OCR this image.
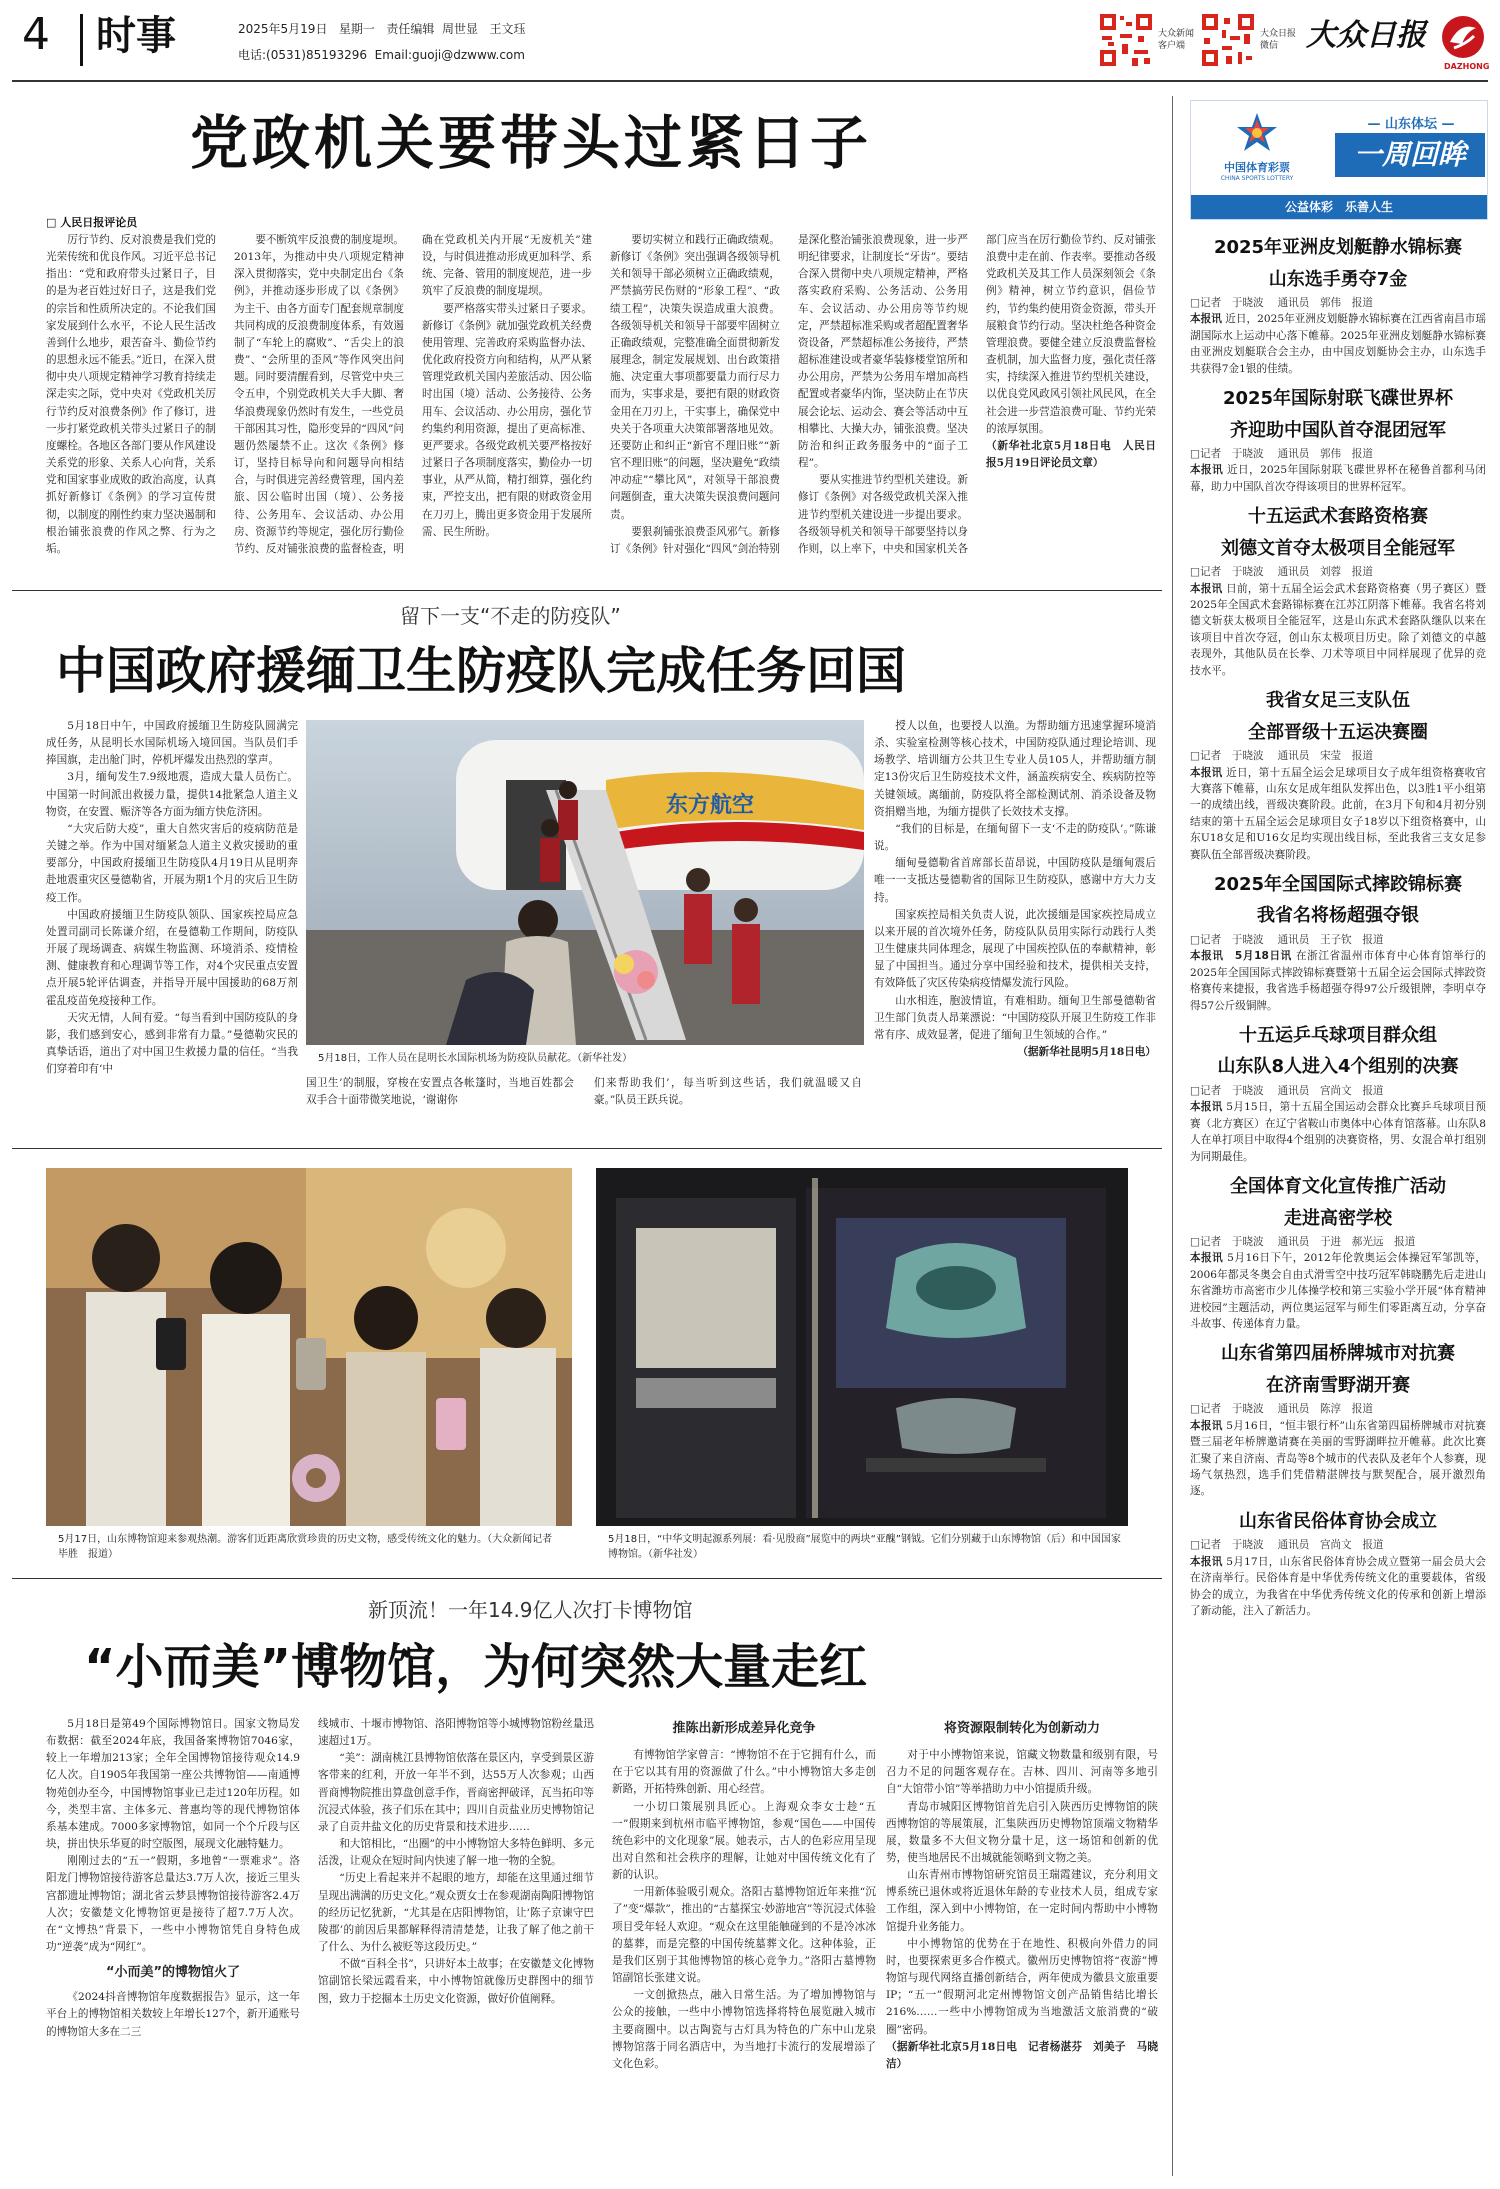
4 时事	2025年5月19日 星期一 责任编辑 周世显 王文珏
电话:(0531)85193296 Email:guoji@dzwww.com
大众新闻
客户端
大众日报
微信 大众日报
DAZHONG
党政机关要带头过紧日子
□ 人民日报评论员

厉行节约、反对浪费是我们党的光荣传统和优良作风。习近平总书记指出：“党和政府带头过紧日子，目的是为老百姓过好日子，这是我们党的宗旨和性质所决定的。不论我们国家发展到什么水平，不论人民生活改善到什么地步，艰苦奋斗、勤俭节约的思想永远不能丢。”近日，在深入贯彻中央八项规定精神学习教育持续走深走实之际，党中央对《党政机关厉行节约反对浪费条例》作了修订，进一步打紧党政机关带头过紧日子的制度螺栓。各地区各部门要从作风建设关系党的形象、关系人心向背，关系党和国家事业成败的政治高度，认真抓好新修订《条例》的学习宣传贯彻，以制度的刚性约束力坚决遏制和根治铺张浪费的作风之弊、行为之垢。

要不断筑牢反浪费的制度堤坝。2013年，为推动中央八项规定精神深入贯彻落实，党中央制定出台《条例》，并推动逐步形成了以《条例》为主干、由各方面专门配套规章制度共同构成的反浪费制度体系，有效遏制了“车轮上的腐败”、“舌尖上的浪费”、“会所里的歪风”等作风突出问题。同时要清醒看到，尽管党中央三令五申，个别党政机关大手大脚、奢华浪费现象仍然时有发生，一些党员干部困其习性，隐形变异的“四风”问题仍然屡禁不止。这次《条例》修订，坚持目标导向和问题导向相结合，与时俱进完善经费管理，国内差旅、因公临时出国（境）、公务接待、公务用车、会议活动、办公用房、资源节约等规定，强化厉行勤俭节约、反对铺张浪费的监督检查，明确在党政机关内开展“无废机关”建设，与时俱进推动形成更加科学、系统、完备、管用的制度规范，进一步筑牢了反浪费的制度堤坝。

要严格落实带头过紧日子要求。新修订《条例》就加强党政机关经费使用管理、完善政府采购监督办法、优化政府投资方向和结构，从严从紧管理党政机关国内差旅活动、因公临时出国（境）活动、公务接待、公务用车、会议活动、办公用房，强化节约集约利用资源，提出了更高标准、更严要求。各级党政机关要严格按好过紧日子各项制度落实，勤俭办一切事业，从严从简，精打细算，强化约束，严控支出，把有限的财政资金用在刀刃上，腾出更多资金用于发展所需、民生所盼。

要切实树立和践行正确政绩观。新修订《条例》突出强调各级领导机关和领导干部必须树立正确政绩观，严禁搞劳民伤财的“形象工程”、“政绩工程”，决策失误造成重大浪费。各级领导机关和领导干部要牢固树立正确政绩观，完整准确全面贯彻新发展理念，制定发展规划、出台政策措施、决定重大事项都要量力而行尽力而为，实事求是，要把有限的财政资金用在刀刃上，干实事上，确保党中央关于各项重大决策部署落地见效。还要防止和纠正“新官不理旧账”“新官不理旧账”的问题，坚决避免“政绩冲动症”“攀比风”，对领导干部浪费问题倒查，重大决策失误浪费问题问责。

要狠刹铺张浪费歪风邪气。新修订《条例》针对强化“四风”剑治特别是深化整治铺张浪费现象，进一步严明纪律要求，让制度长“牙齿”。要结合深入贯彻中央八项规定精神，严格落实政府采购、公务活动、公务用车、会议活动、办公用房等节约规定，严禁超标准采购或者超配置奢华资设备，严禁超标准公务接待，严禁超标准建设或者豪华装修楼堂馆所和办公用房，严禁为公务用车增加高档配置或者豪华内饰，坚决防止在节庆展会论坛、运动会、赛会等活动中互相攀比、大操大办，铺张浪费。坚决防治和纠正政务服务中的“面子工程”。

要从实推进节约型机关建设。新修订《条例》对各级党政机关深入推进节约型机关建设进一步提出要求。各级领导机关和领导干部要坚持以身作则，以上率下，中央和国家机关各部门应当在厉行勤俭节约、反对铺张浪费中走在前、作表率。要推动各级党政机关及其工作人员深刻领会《条例》精神，树立节约意识，倡俭节约，节约集约使用资金资源，带头开展粮食节约行动。坚决杜绝各种资金管理浪费。要健全建立反浪费监督检查机制，加大监督力度，强化责任落实，持续深入推进节约型机关建设，以优良党风政风引领社风民风，在全社会进一步营造浪费可耻、节约光荣的浓厚氛围。

（新华社北京5月18日电　人民日报5月19日评论员文章）

留下一支“不走的防疫队”
中国政府援缅卫生防疫队完成任务回国

5月18日中午，中国政府援缅卫生防疫队圆满完成任务，从昆明长水国际机场入境回国。当队员们手捧国旗，走出舱门时，停机坪爆发出热烈的掌声。

3月，缅甸发生7.9级地震，造成大量人员伤亡。中国第一时间派出救援力量，提供14批紧急人道主义物资，在安置、赈济等各方面为缅方快危济困。

“大灾后防大疫”，重大自然灾害后的疫病防范是关键之举。作为中国对缅紧急人道主义救灾援助的重要部分，中国政府援缅卫生防疫队4月19日从昆明奔赴地震重灾区曼德勒省，开展为期1个月的灾后卫生防疫工作。

中国政府援缅卫生防疫队领队、国家疾控局应急处置司副司长陈谦介绍，在曼德勒工作期间，防疫队开展了现场调查、病媒生物监测、环境消杀、疫情检测、健康教育和心理调节等工作，对4个灾民重点安置点开展5轮评估调查，并指导开展中国援助的68万剂霍乱疫苗免疫接种工作。

天灾无情，人间有爱。“每当看到中国防疫队的身影，我们感到安心，感到非常有力量。”曼德勒灾民的真挚话语，道出了对中国卫生救援力量的信任。“当我们穿着印有‘中

东方航空
5月18日，工作人员在昆明长水国际机场为防疫队员献花。（新华社发）

国卫生’的制服，穿梭在安置点各帐篷时，当地百姓都会双手合十面带微笑地说，‘谢谢你

们来帮助我们’，每当听到这些话，我们就温暖又自豪。”队员王跃兵说。

授人以鱼，也要授人以渔。为帮助缅方迅速掌握环境消杀、实验室检测等核心技术，中国防疫队通过理论培训、现场教学、培训缅方公共卫生专业人员105人，并帮助缅方制定13份灾后卫生防疫技术文件，涵盖疾病安全、疾病防控等关键领域。离缅前，防疫队将全部检测试剂、消杀设备及物资捐赠当地，为缅方提供了长效技术支撑。

“我们的目标是，在缅甸留下一支‘不走的防疫队’。”陈谦说。

缅甸曼德勒省首席部长苗昂说，中国防疫队是缅甸震后唯一一支抵达曼德勒省的国际卫生防疫队，感谢中方大力支持。

国家疾控局相关负责人说，此次援缅是国家疾控局成立以来开展的首次境外任务，防疫队队员用实际行动践行人类卫生健康共同体理念，展现了中国疾控队伍的奉献精神，彰显了中国担当。通过分享中国经验和技术，提供相关支持，有效降低了灾区传染病疫情爆发流行风险。

山水相连，胞波情谊，有难相助。缅甸卫生部曼德勒省卫生部门负责人昂莱漂说：“中国防疫队开展卫生防疫工作非常有序、成效显著，促进了缅甸卫生领域的合作。”

（据新华社昆明5月18日电）

5月17日，山东博物馆迎来参观热潮。游客们近距离欣赏珍贵的历史文物，感受传统文化的魅力。（大众新闻记者　毕胜　报道）
5月18日，“中华文明起源系列展：看·见殷商”展览中的两块“亚醜”钢钺。它们分别藏于山东博物馆（后）和中国国家博物馆。（新华社发）
新顶流！一年14.9亿人次打卡博物馆
“小而美”博物馆，为何突然大量走红

5月18日是第49个国际博物馆日。国家文物局发布数据：截至2024年底，我国备案博物馆7046家，较上一年增加213家；全年全国博物馆接待观众14.9亿人次。自1905年我国第一座公共博物馆——南通博物苑创办至今，中国博物馆事业已走过120年历程。如今，类型丰富、主体多元、普惠均等的现代博物馆体系基本建成。7000多家博物馆，如同一个个斤段与区块，拼出快乐华夏的时空版图，展现文化融特魅力。

刚刚过去的“五一”假期，多地曾“一票难求”。洛阳龙门博物馆接待游客总量达3.7万人次，接近三里头宫都遗址博物馆；湖北省云梦县博物馆接待游客2.4万人次；安徽楚文化博物馆更是接待了超7.7万人次。在“文博热”背景下，一些中小博物馆凭自身特色成功“逆袭”成为“网红”。

“小而美”的博物馆火了

《2024抖音博物馆年度数据报告》显示，这一年平台上的博物馆相关数较上年增长127个，新开通账号的博物馆大多在二三

线城市、十堰市博物馆、洛阳博物馆等小城博物馆粉丝量迅速超过1万。

“美”：湖南桃江县博物馆依落在景区内，享受到景区游客带来的红利，开放一年半不到，达55万人次参观；山西晋商博物院推出算盘创意手作，晋商密押破译，瓦当拓印等沉浸式体验，孩子们乐在其中；四川自贡盐业历史博物馆记录了自贡井盐文化的历史背景和技术进步……

和大馆相比，“出圈”的中小博物馆大多特色鲜明、多元活泼，让观众在短时间内快速了解一地一物的全貌。

“历史上看起来并不起眼的地方，却能在这里通过细节呈现出满满的历史文化。”观众贾女士在参观湖南陶阳博物馆的经历记忆犹新，“尤其是在店阳博物馆，让‘陈子京谏守巴陵郡’的前因后果都解释得清清楚楚，让我了解了他之前干了什么、为什么被贬等这段历史。”

不做“百科全书”，只讲好本土故事；在安徽楚文化博物馆副馆长梁远霞看来，中小博物馆就像历史群图中的细节图，致力于挖掘本土历史文化资源，做好价值阐释。

推陈出新形成差异化竞争

有博物馆学家曾言：“博物馆不在于它拥有什么，而在于它以其有用的资源做了什么。”中小博物馆大多走创新路，开拓特殊创新、用心经营。

一小切口策展别具匠心。上海观众李女士趁“五一”假期来到杭州市临平博物馆，参观“国色——中国传统色彩中的文化现象”展。她表示，古人的色彩应用呈现出对自然和社会秩序的理解，让她对中国传统文化有了新的认识。

一用新体验吸引观众。洛阳古墓博物馆近年来推“沉了”变“爆款”，推出的“古墓探宝·妙游地宫”等沉浸式体验项目受年轻人欢迎。“观众在这里能触碰到的不是冷冰冰的墓葬，而是完整的中国传统墓葬文化。这种体验，正是我们区别于其他博物馆的核心竞争力。”洛阳古墓博物馆副馆长张建文说。

一文创掀热点，融入日常生活。为了增加博物馆与公众的接触，一些中小博物馆选择将特色展览融入城市主要商圈中。以古陶瓷与古灯具为特色的广东中山龙泉博物馆落于同名酒店中，为当地打卡流行的发展增添了文化色彩。

将资源限制转化为创新动力

对于中小博物馆来说，馆藏文物数量和级别有限，号召力不足的问题客观存在。吉林、四川、河南等多地引自“大馆带小馆”等举措助力中小馆提质升级。

青岛市城阳区博物馆首先启引入陕西历史博物馆的陕西博物馆的等展策展，汇集陕西历史博物馆顶端文物精华展，数量多不大但文物分量十足，这一场馆和创新的优势，使当地居民不出城就能领略到文物之美。

山东青州市博物馆研究馆员王瑞霞建议，充分利用文博系统已退休或将近退休年龄的专业技术人员，组成专家工作组，深入到中小博物馆，在一定时间内帮助中小博物馆提升业务能力。

中小博物馆的优势在于在地性、积极向外借力的同时，也要探索更多合作模式。徽州历史博物馆将“夜游”博物馆与现代网络直播创新结合，两年使成为徽县文旅重要IP；“五一”假期河北定州博物馆文创产品销售结比增长216%……一些中小博物馆成为当地激活文旅消费的“破圈”密码。

（据新华社北京5月18日电　记者杨湛芬　刘美子　马晓洁）

中国体育彩票
CHINA SPORTS LOTTERY
— 山东体坛 —
一周回眸
公益体彩　乐善人生
2025年亚洲皮划艇静水锦标赛
山东选手勇夺7金
□记者　于晓波 通讯员　郭伟　报道
本报讯 近日，2025年亚洲皮划艇静水锦标赛在江西省南昌市瑶湖国际水上运动中心落下帷幕。2025年亚洲皮划艇静水锦标赛由亚洲皮划艇联合会主办，由中国皮划艇协会主办，山东选手共获得7金1银的佳绩。
2025年国际射联飞碟世界杯
齐迎助中国队首夺混团冠军
□记者　于晓波 通讯员　郭伟　报道
本报讯 近日，2025年国际射联飞碟世界杯在秘鲁首都利马闭幕，助力中国队首次夺得该项目的世界杯冠军。
十五运武术套路资格赛
刘德文首夺太极项目全能冠军
□记者　于晓波 通讯员　刘蓉　报道
本报讯 日前，第十五届全运会武术套路资格赛（男子赛区）暨2025年全国武术套路锦标赛在江苏江阴落下帷幕。我省名将刘德文斩获太极项目全能冠军，这是山东武术套路队继队以来在该项目中首次夺冠，创山东太极项目历史。除了刘德文的卓越表现外，其他队员在长拳、刀术等项目中同样展现了优异的竞技水平。
我省女足三支队伍
全部晋级十五运决赛圈
□记者　于晓波 通讯员　宋莹　报道
本报讯 近日，第十五届全运会足球项目女子成年组资格赛收官大赛落下帷幕，山东女足成年组队发挥出色，以3胜1平小组第一的成绩出线，晋级决赛阶段。此前，在3月下旬和4月初分别结束的第十五届全运会足球项目女子18岁以下组资格赛中，山东U18女足和U16女足均实现出线目标，至此我省三支女足参赛队伍全部晋级决赛阶段。
2025年全国国际式摔跤锦标赛
我省名将杨超强夺银
□记者　于晓波 通讯员　王子钦　报道
本报讯　5月18日讯 在浙江省温州市体育中心体育馆举行的2025年全国国际式摔跤锦标赛暨第十五届全运会国际式摔跤资格赛传来捷报，我省选手杨超强夺得97公斤级银牌，李明卓夺得57公斤级铜牌。
十五运乒乓球项目群众组
山东队8人进入4个组别的决赛
□记者　于晓波 通讯员　宫尚文　报道
本报讯 5月15日，第十五届全国运动会群众比赛乒乓球项目预赛（北方赛区）在辽宁省鞍山市奥体中心体育馆落幕。山东队8人在单打项目中取得4个组别的决赛资格，男、女混合单打组别为同期最佳。
全国体育文化宣传推广活动
走进高密学校
□记者　于晓波 通讯员　于进　郝光远　报道
本报讯 5月16日下午，2012年伦敦奥运会体操冠军邹凯等，2006年都灵冬奥会自由式滑雪空中技巧冠军韩晓鹏先后走进山东省潍坊市高密市少儿体操学校和第三实验小学开展“体育精神进校园”主题活动，两位奥运冠军与师生们零距离互动，分享奋斗故事、传递体育力量。
山东省第四届桥牌城市对抗赛
在济南雪野湖开赛
□记者　于晓波 通讯员　陈淳　报道
本报讯 5月16日，“恒丰银行杯”山东省第四届桥牌城市对抗赛暨三届老年桥牌邀请赛在美丽的雪野湖畔拉开帷幕。此次比赛汇聚了来自济南、青岛等8个城市的代表队及老年个人参赛，现场气氛热烈，选手们凭借精湛牌技与默契配合，展开激烈角逐。
山东省民俗体育协会成立
□记者　于晓波 通讯员　宫尚文　报道
本报讯 5月17日，山东省民俗体育协会成立暨第一届会员大会在济南举行。民俗体育是中华优秀传统文化的重要载体，省级协会的成立，为我省在中华优秀传统文化的传承和创新上增添了新动能，注入了新活力。
